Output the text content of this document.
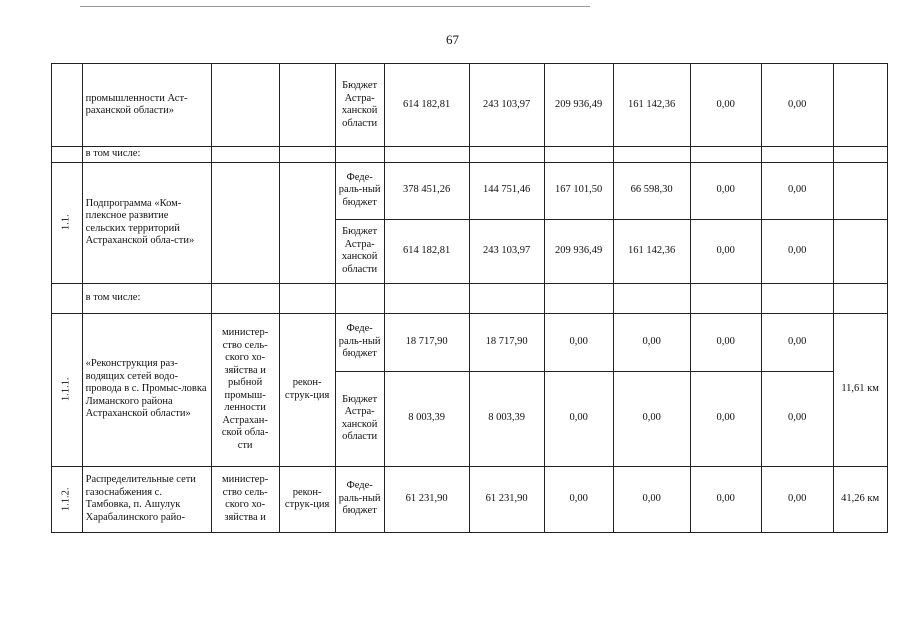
67
	промышленности Аст-раханской области»			Бюджет Астра-ханской области	614 182,81	243 103,97	209 936,49	161 142,36	0,00	0,00	
	в том числе:										
1.1.	Подпрограмма «Ком-плексное развитие сельских территорий Астраханской обла-сти»			Феде-раль-ный бюджет	378 451,26	144 751,46	167 101,50	66 598,30	0,00	0,00	
				Бюджет Астра-ханской области	614 182,81	243 103,97	209 936,49	161 142,36	0,00	0,00	
	в том числе:										
1.1.1.	«Реконструкция раз-водящих сетей водо-провода в с. Промыс-ловка Лиманского района Астраханской области»	министер-ство сель-ского хо-зяйства и рыбной промыш-ленности Астрахан-ской обла-сти	рекон-струк-ция	Феде-раль-ный бюджет	18 717,90	18 717,90	0,00	0,00	0,00	0,00	11,61 км
				Бюджет Астра-ханской области	8 003,39	8 003,39	0,00	0,00	0,00	0,00	
1.1.2.	Распределительные сети газоснабжения с. Тамбовка, п. Ашулук Харабалинского райо-	министер-ство сель-ского хо-зяйства и	рекон-струк-ция	Феде-раль-ный бюджет	61 231,90	61 231,90	0,00	0,00	0,00	0,00	41,26 км
